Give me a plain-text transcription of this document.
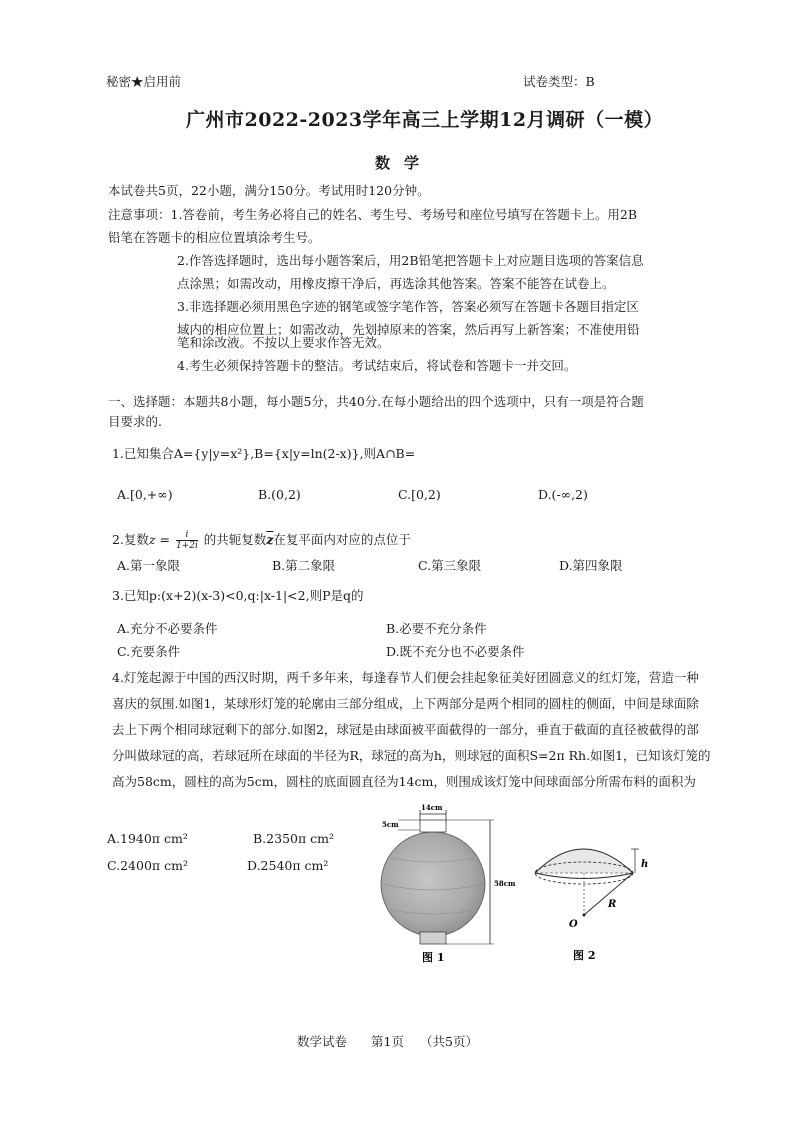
秘密★启用前	试卷类型：B
广州市2022-2023学年高三上学期12月调研（一模）
数学
本试卷共5页，22小题，满分150分。考试用时120分钟。
注意事项：1.答卷前，考生务必将自己的姓名、考生号、考场号和座位号填写在答题卡上。用2B
铅笔在答题卡的相应位置填涂考生号。
2.作答选择题时，选出每小题答案后，用2B铅笔把答题卡上对应题目选项的答案信息
点涂黑；如需改动，用橡皮擦干净后，再选涂其他答案。答案不能答在试卷上。
3.非选择题必须用黑色字迹的钢笔或签字笔作答，答案必须写在答题卡各题目指定区
域内的相应位置上；如需改动，先划掉原来的答案，然后再写上新答案；不准使用铅
笔和涂改液。不按以上要求作答无效。
4.考生必须保持答题卡的整洁。考试结束后，将试卷和答题卡一并交回。
一、选择题：本题共8小题，每小题5分，共40分.在每小题给出的四个选项中，只有一项是符合题
目要求的.
1.已知集合A={y|y=x²},B={x|y=ln(2-x)},则A∩B=
A.[0,+∞)	B.(0,2)	C.[0,2)	D.(-∞,2)
2.复数$z = \frac{i}{1+2i}$ 的共轭复数$\overline{z}$在复平面内对应的点位于
A.第一象限	B.第二象限	C.第三象限	D.第四象限
3.已知p:(x+2)(x-3)<0,q:|x-1|<2,则P是q的
A.充分不必要条件	B.必要不充分条件
C.充要条件	D.既不充分也不必要条件
4.灯笼起源于中国的西汉时期，两千多年来，每逢春节人们便会挂起象征美好团圆意义的红灯笼，营造一种
喜庆的氛围.如图1，某球形灯笼的轮廓由三部分组成，上下两部分是两个相同的圆柱的侧面，中间是球面除
去上下两个相同球冠剩下的部分.如图2，球冠是由球面被平面截得的一部分，垂直于截面的直径被截得的部
分叫做球冠的高，若球冠所在球面的半径为R，球冠的高为h，则球冠的面积S=2π Rh.如图1，已知该灯笼的
高为58cm，圆柱的高为5cm，圆柱的底面圆直径为14cm，则围成该灯笼中间球面部分所需布料的面积为
A.1940π cm²	B.2350π cm²
C.2400π cm²	D.2540π cm²
14cm
5cm
58cm
图 1
h
R
O
图 2
数学试卷 第1页 （共5页）
